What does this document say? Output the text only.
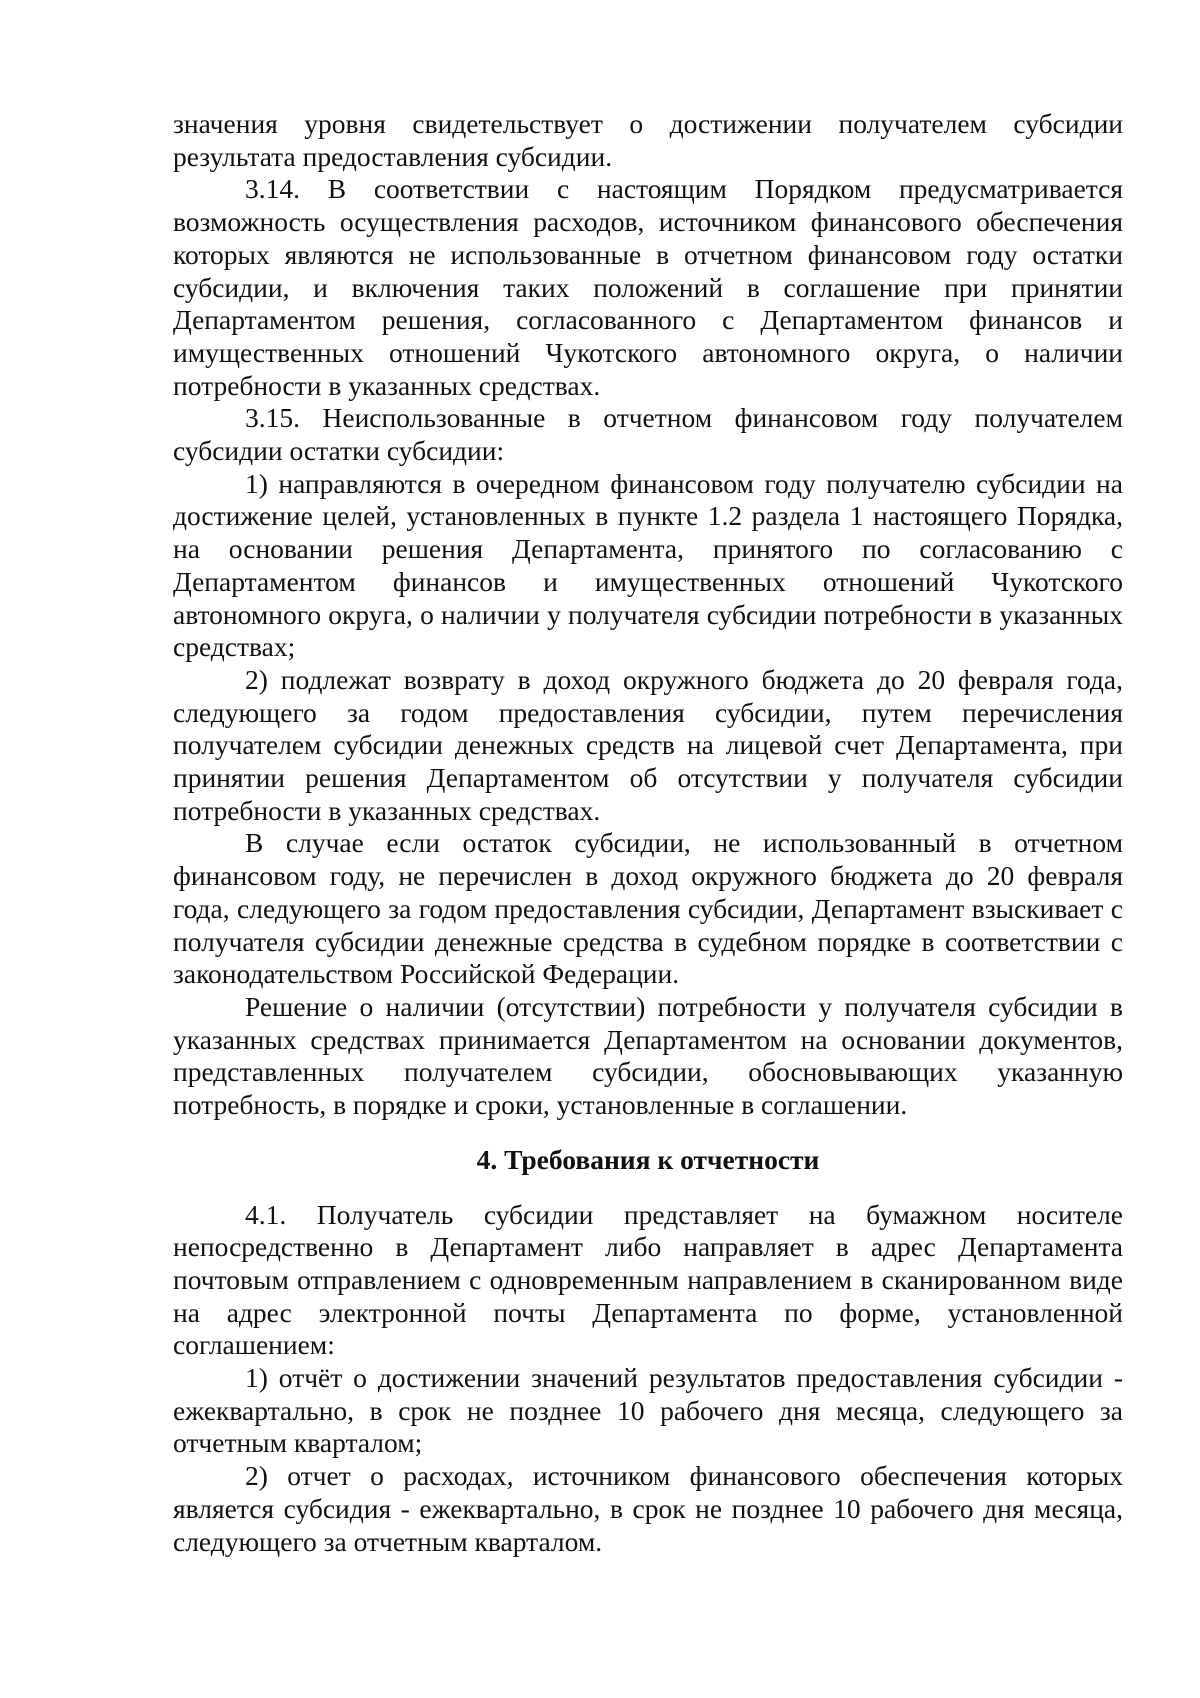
значения уровня свидетельствует о достижении получателем субсидии результата предоставления субсидии.

3.14. В соответствии с настоящим Порядком предусматривается возможность осуществления расходов, источником финансового обеспечения которых являются не использованные в отчетном финансовом году остатки субсидии, и включения таких положений в соглашение при принятии Департаментом решения, согласованного с Департаментом финансов и имущественных отношений Чукотского автономного округа, о наличии потребности в указанных средствах.

3.15. Неиспользованные в отчетном финансовом году получателем субсидии остатки субсидии:

1) направляются в очередном финансовом году получателю субсидии на достижение целей, установленных в пункте 1.2 раздела 1 настоящего Порядка, на основании решения Департамента, принятого по согласованию с Департаментом финансов и имущественных отношений Чукотского автономного округа, о наличии у получателя субсидии потребности в указанных средствах;

2) подлежат возврату в доход окружного бюджета до 20 февраля года, следующего за годом предоставления субсидии, путем перечисления получателем субсидии денежных средств на лицевой счет Департамента, при принятии решения Департаментом об отсутствии у получателя субсидии потребности в указанных средствах.

В случае если остаток субсидии, не использованный в отчетном финансовом году, не перечислен в доход окружного бюджета до 20 февраля года, следующего за годом предоставления субсидии, Департамент взыскивает с получателя субсидии денежные средства в судебном порядке в соответствии с законодательством Российской Федерации.

Решение о наличии (отсутствии) потребности у получателя субсидии в указанных средствах принимается Департаментом на основании документов, представленных получателем субсидии, обосновывающих указанную потребность, в порядке и сроки, установленные в соглашении.

4. Требования к отчетности

4.1. Получатель субсидии представляет на бумажном носителе непосредственно в Департамент либо направляет в адрес Департамента почтовым отправлением с одновременным направлением в сканированном виде на адрес электронной почты Департамента по форме, установленной соглашением:

1) отчёт о достижении значений результатов предоставления субсидии - ежеквартально, в срок не позднее 10 рабочего дня месяца, следующего за отчетным кварталом;

2) отчет о расходах, источником финансового обеспечения которых является субсидия - ежеквартально, в срок не позднее 10 рабочего дня месяца, следующего за отчетным кварталом.
